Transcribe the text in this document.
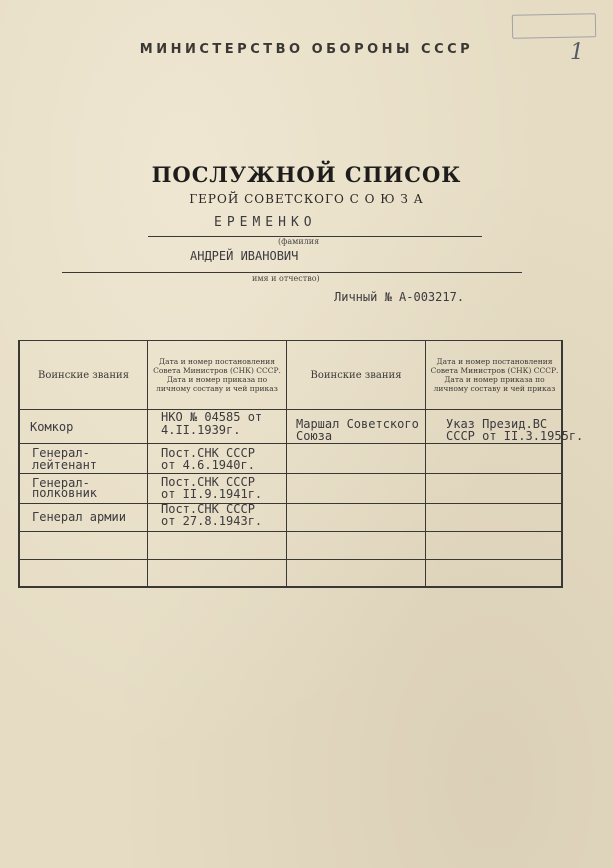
1
МИНИСТЕРСТВО ОБОРОНЫ СССР
ПОСЛУЖНОЙ СПИСОК
ГЕРОЙ СОВЕТСКОГО С О Ю З А
ЕРЕМЕНКО
(фамилия
АНДРЕЙ ИВАНОВИЧ
имя и отчество)
Личный № А-003217.
Воинские звания
Дата и номер постановления Совета Министров (СНК) СССР. Дата и номер приказа по личному составу и чей приказ
Воинские звания
Дата и номер постановления Совета Министров (СНК) СССР. Дата и номер приказа по личному составу и чей приказ
Комкор
НКО № 04585 от
4.II.1939г.	Маршал Советского
Союза
Указ Презид.ВС
СССР от II.3.1955г.
Генерал-
лейтенант
Пост.СНК СССР
от 4.6.1940г.
Генерал-
полковник
Пост.СНК СССР
от II.9.1941г.
Генерал армии
Пост.СНК СССР
от 27.8.1943г.
